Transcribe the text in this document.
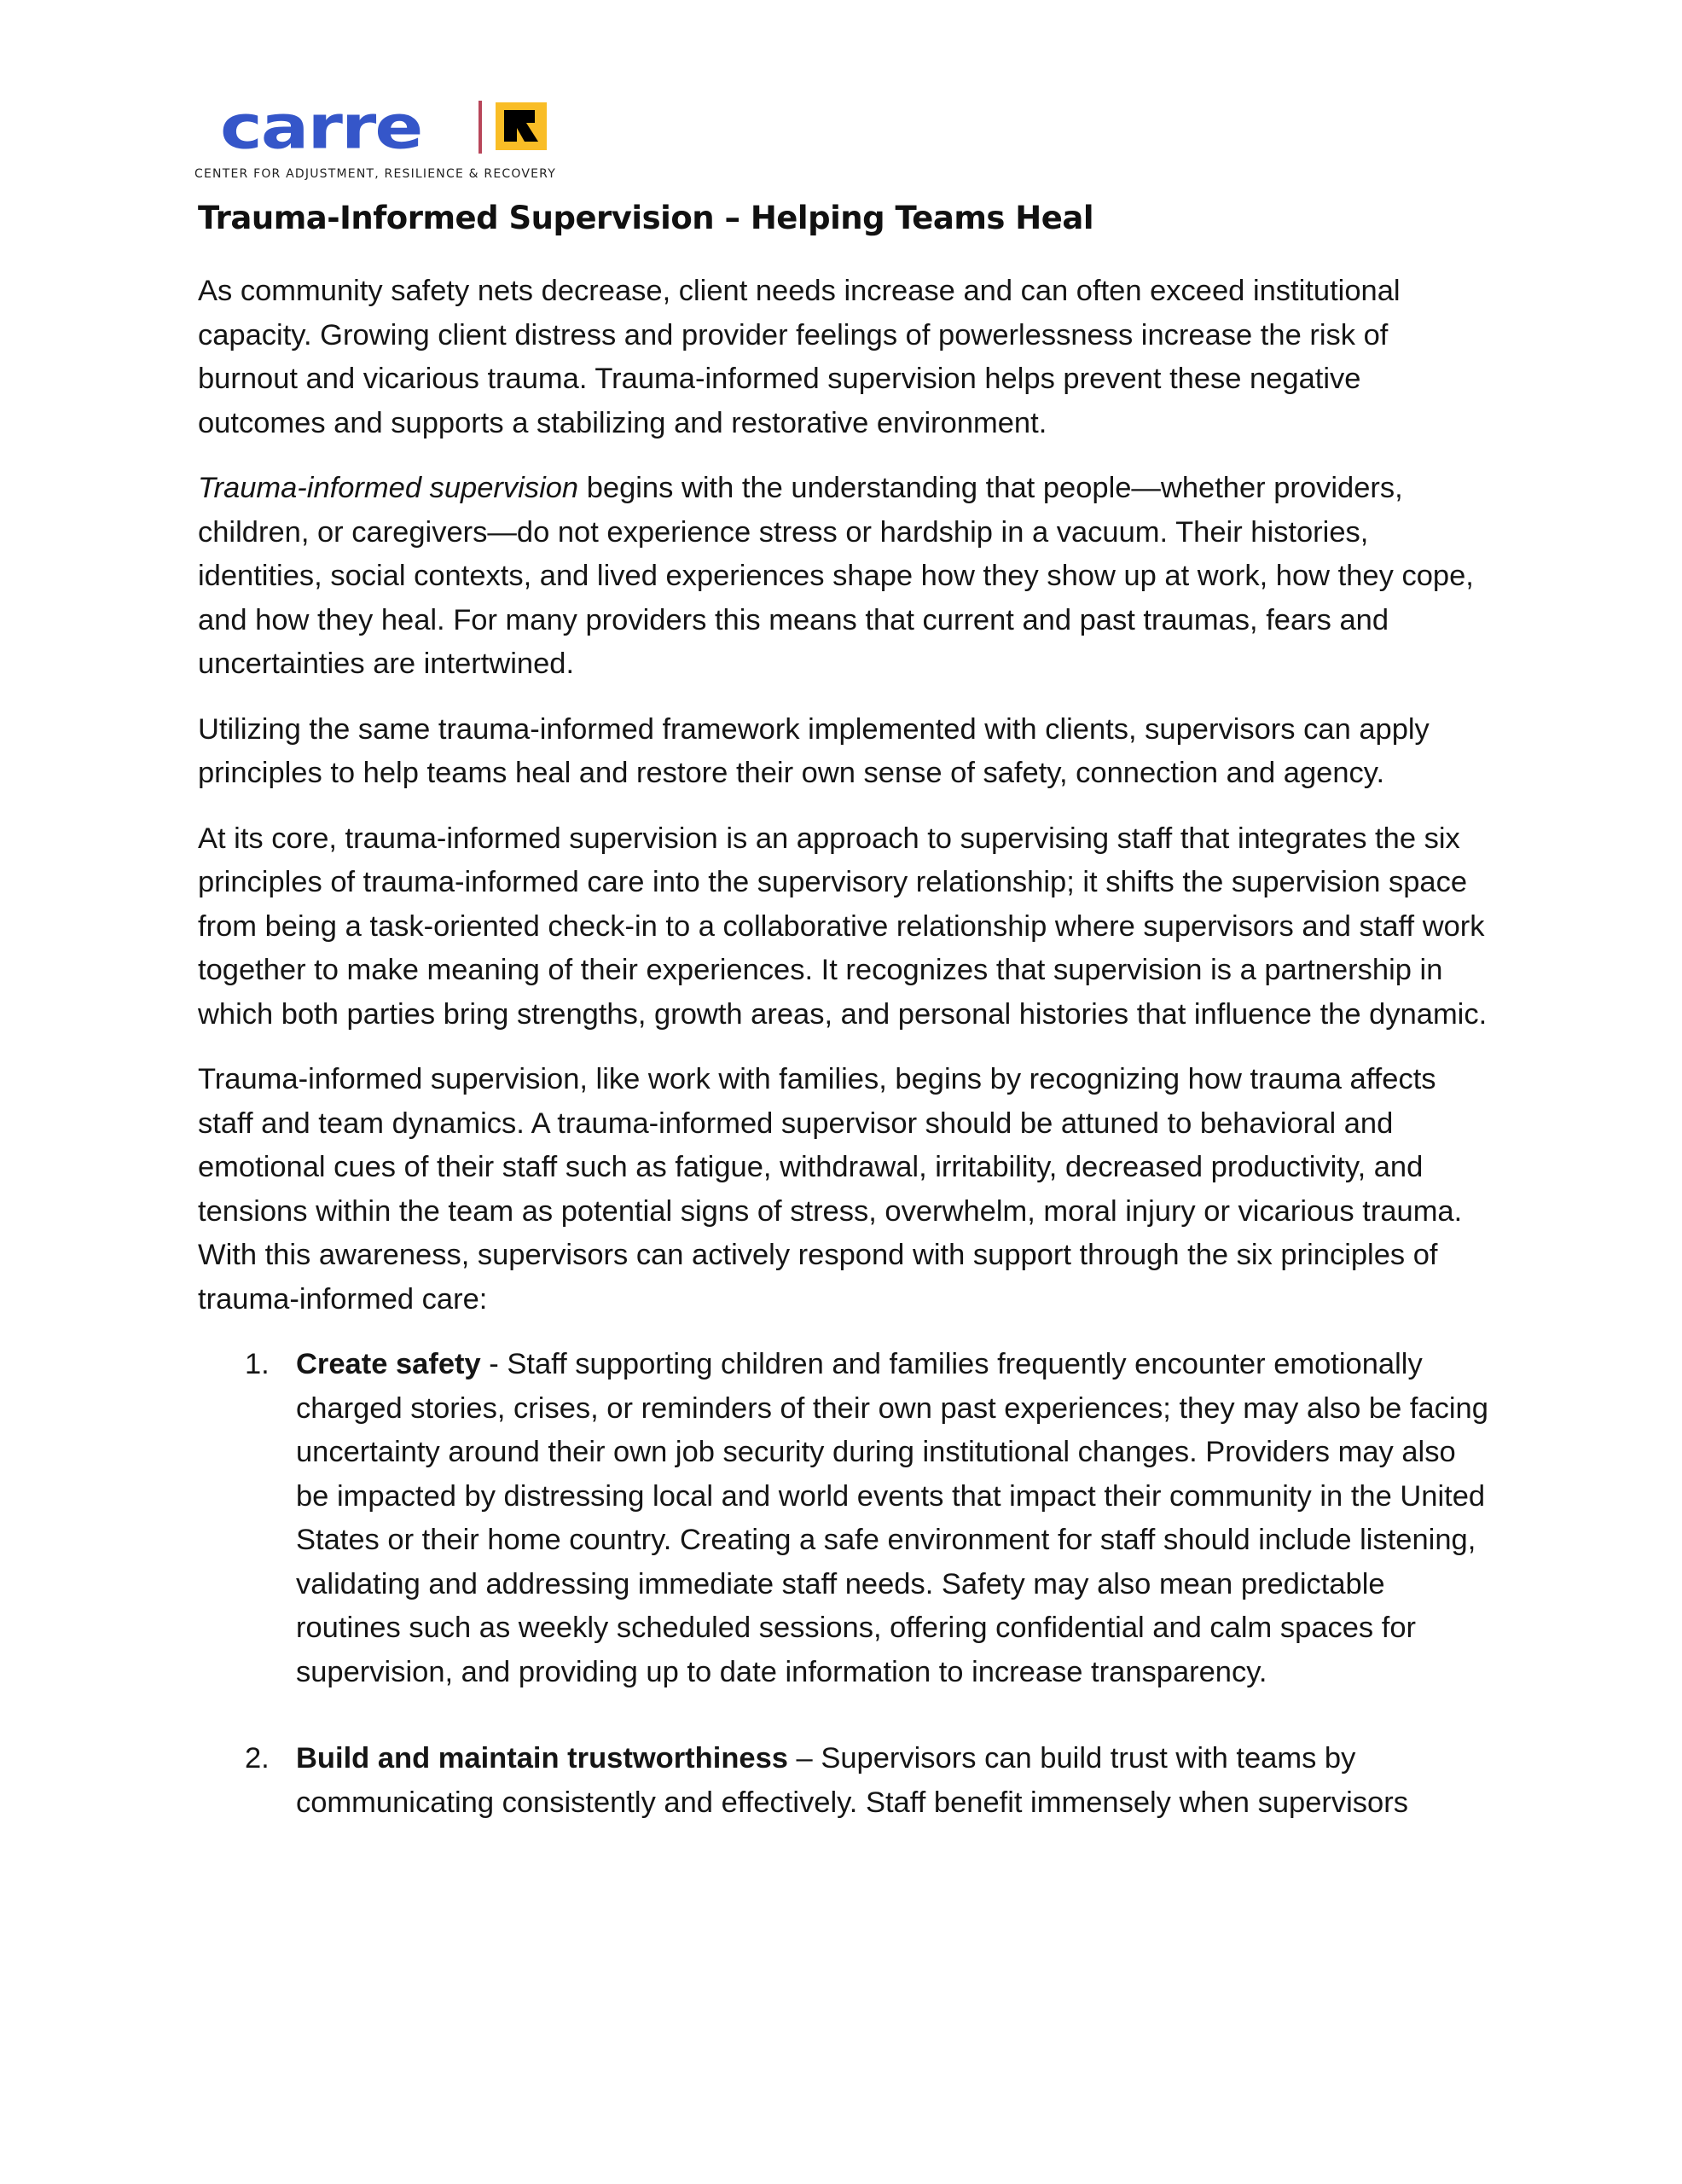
carre
CENTER FOR ADJUSTMENT, RESILIENCE & RECOVERY
Trauma-Informed Supervision – Helping Teams Heal

As community safety nets decrease, client needs increase and can often exceed institutional capacity. Growing client distress and provider feelings of powerlessness increase the risk of burnout and vicarious trauma. Trauma-informed supervision helps prevent these negative outcomes and supports a stabilizing and restorative environment.

Trauma-informed supervision begins with the understanding that people—whether providers, children, or caregivers—do not experience stress or hardship in a vacuum. Their histories, identities, social contexts, and lived experiences shape how they show up at work, how they cope, and how they heal. For many providers this means that current and past traumas, fears and uncertainties are intertwined.

Utilizing the same trauma-informed framework implemented with clients, supervisors can apply principles to help teams heal and restore their own sense of safety, connection and agency.

At its core, trauma-informed supervision is an approach to supervising staff that integrates the six principles of trauma-informed care into the supervisory relationship; it shifts the supervision space from being a task-oriented check-in to a collaborative relationship where supervisors and staff work together to make meaning of their experiences. It recognizes that supervision is a partnership in which both parties bring strengths, growth areas, and personal histories that influence the dynamic.

Trauma-informed supervision, like work with families, begins by recognizing how trauma affects staff and team dynamics. A trauma-informed supervisor should be attuned to behavioral and emotional cues of their staff such as fatigue, withdrawal, irritability, decreased productivity, and tensions within the team as potential signs of stress, overwhelm, moral injury or vicarious trauma. With this awareness, supervisors can actively respond with support through the six principles of trauma-informed care:

1. Create safety - Staff supporting children and families frequently encounter emotionally charged stories, crises, or reminders of their own past experiences; they may also be facing uncertainty around their own job security during institutional changes. Providers may also be impacted by distressing local and world events that impact their community in the United States or their home country. Creating a safe environment for staff should include listening, validating and addressing immediate staff needs. Safety may also mean predictable routines such as weekly scheduled sessions, offering confidential and calm spaces for supervision, and providing up to date information to increase transparency.
2. Build and maintain trustworthiness – Supervisors can build trust with teams by communicating consistently and effectively. Staff benefit immensely when supervisors
